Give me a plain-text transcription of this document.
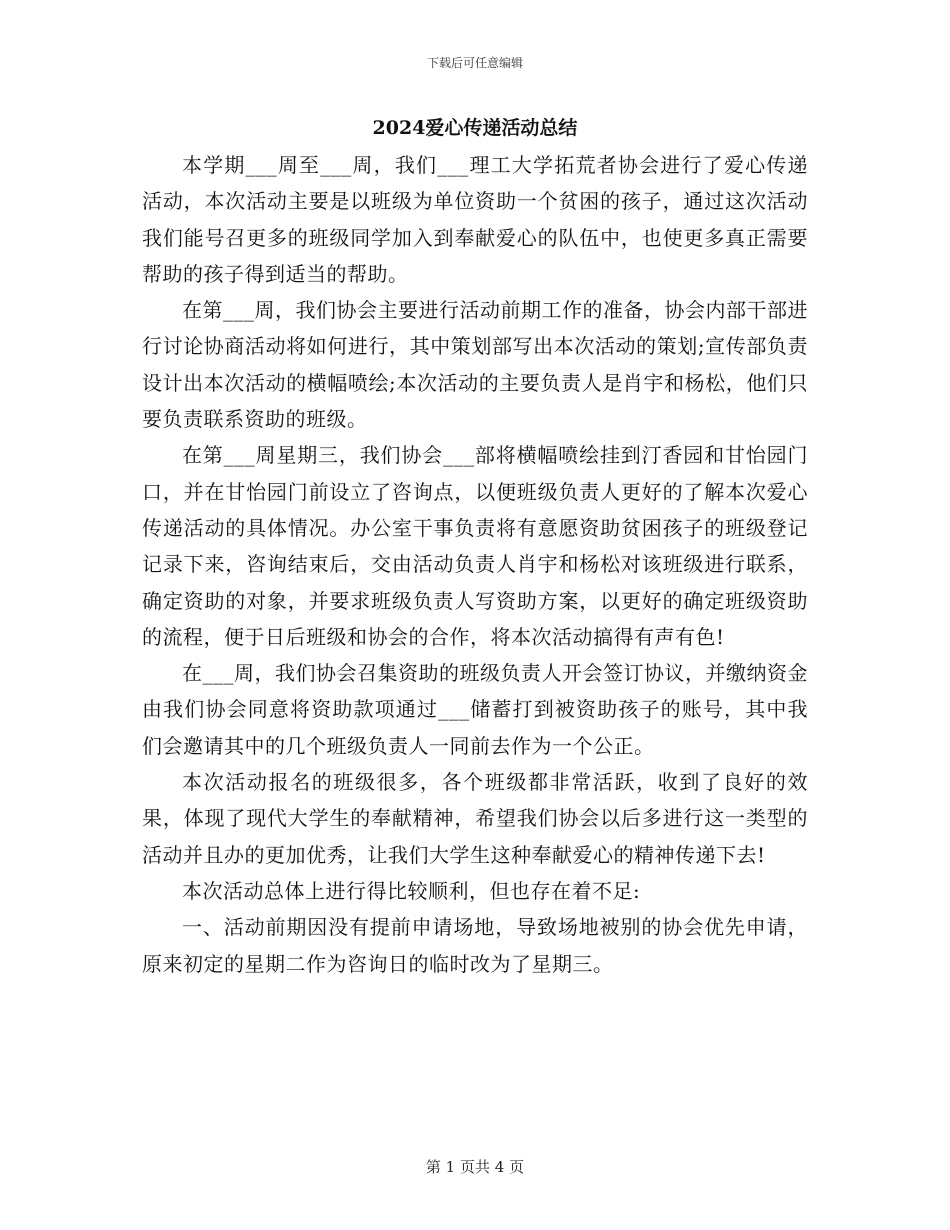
下载后可任意编辑
2024爱心传递活动总结

本学期___周至___周，我们___理工大学拓荒者协会进行了爱心传递活动，本次活动主要是以班级为单位资助一个贫困的孩子，通过这次活动我们能号召更多的班级同学加入到奉献爱心的队伍中，也使更多真正需要帮助的孩子得到适当的帮助。

在第___周，我们协会主要进行活动前期工作的准备，协会内部干部进行讨论协商活动将如何进行，其中策划部写出本次活动的策划;宣传部负责设计出本次活动的横幅喷绘;本次活动的主要负责人是肖宇和杨松，他们只要负责联系资助的班级。

在第___周星期三，我们协会___部将横幅喷绘挂到汀香园和甘怡园门口，并在甘怡园门前设立了咨询点，以便班级负责人更好的了解本次爱心传递活动的具体情况。办公室干事负责将有意愿资助贫困孩子的班级登记记录下来，咨询结束后，交由活动负责人肖宇和杨松对该班级进行联系，确定资助的对象，并要求班级负责人写资助方案，以更好的确定班级资助的流程，便于日后班级和协会的合作，将本次活动搞得有声有色!

在___周，我们协会召集资助的班级负责人开会签订协议，并缴纳资金由我们协会同意将资助款项通过___储蓄打到被资助孩子的账号，其中我们会邀请其中的几个班级负责人一同前去作为一个公正。

本次活动报名的班级很多，各个班级都非常活跃，收到了良好的效果，体现了现代大学生的奉献精神，希望我们协会以后多进行这一类型的活动并且办的更加优秀，让我们大学生这种奉献爱心的精神传递下去!

本次活动总体上进行得比较顺利，但也存在着不足:

一、活动前期因没有提前申请场地，导致场地被别的协会优先申请，原来初定的星期二作为咨询日的临时改为了星期三。

第 1 页共 4 页
